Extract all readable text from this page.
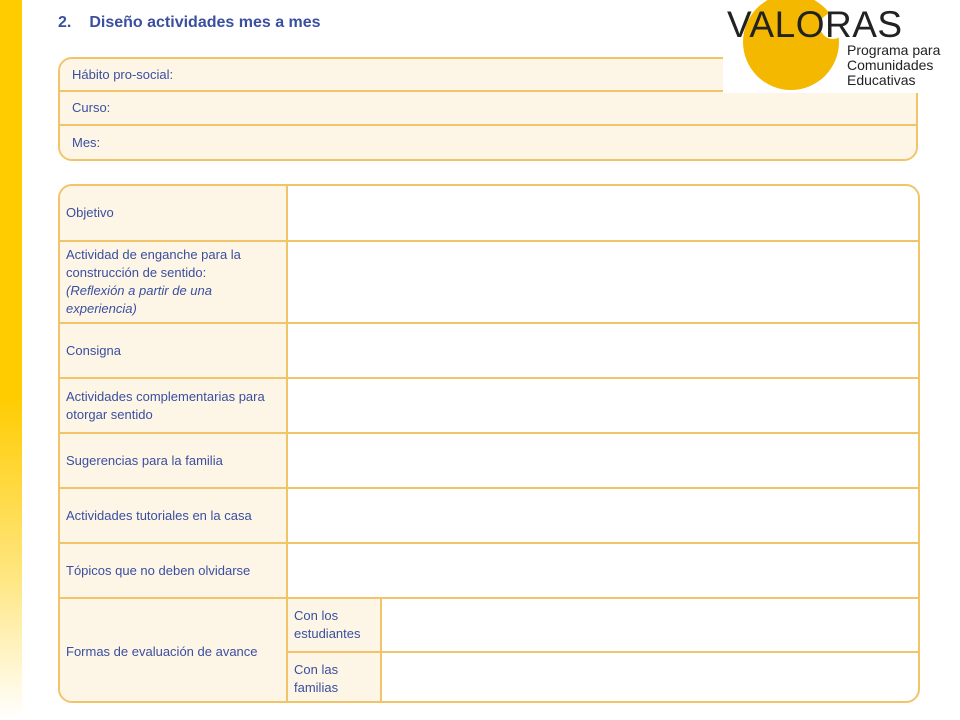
2. Diseño actividades mes a mes
Hábito pro-social:
Curso:
Mes:
VALORAS
Programa para
Comunidades
Educativas
Objetivo		
Actividad de enganche para la construcción de sentido:
(Reflexión a partir de una experiencia)		
Consigna		
Actividades complementarias para otorgar sentido		
Sugerencias para la familia		
Actividades tutoriales en la casa		
Tópicos que no deben olvidarse		
Formas de evaluación de avance	Con los estudiantes	
	Con las familias	
